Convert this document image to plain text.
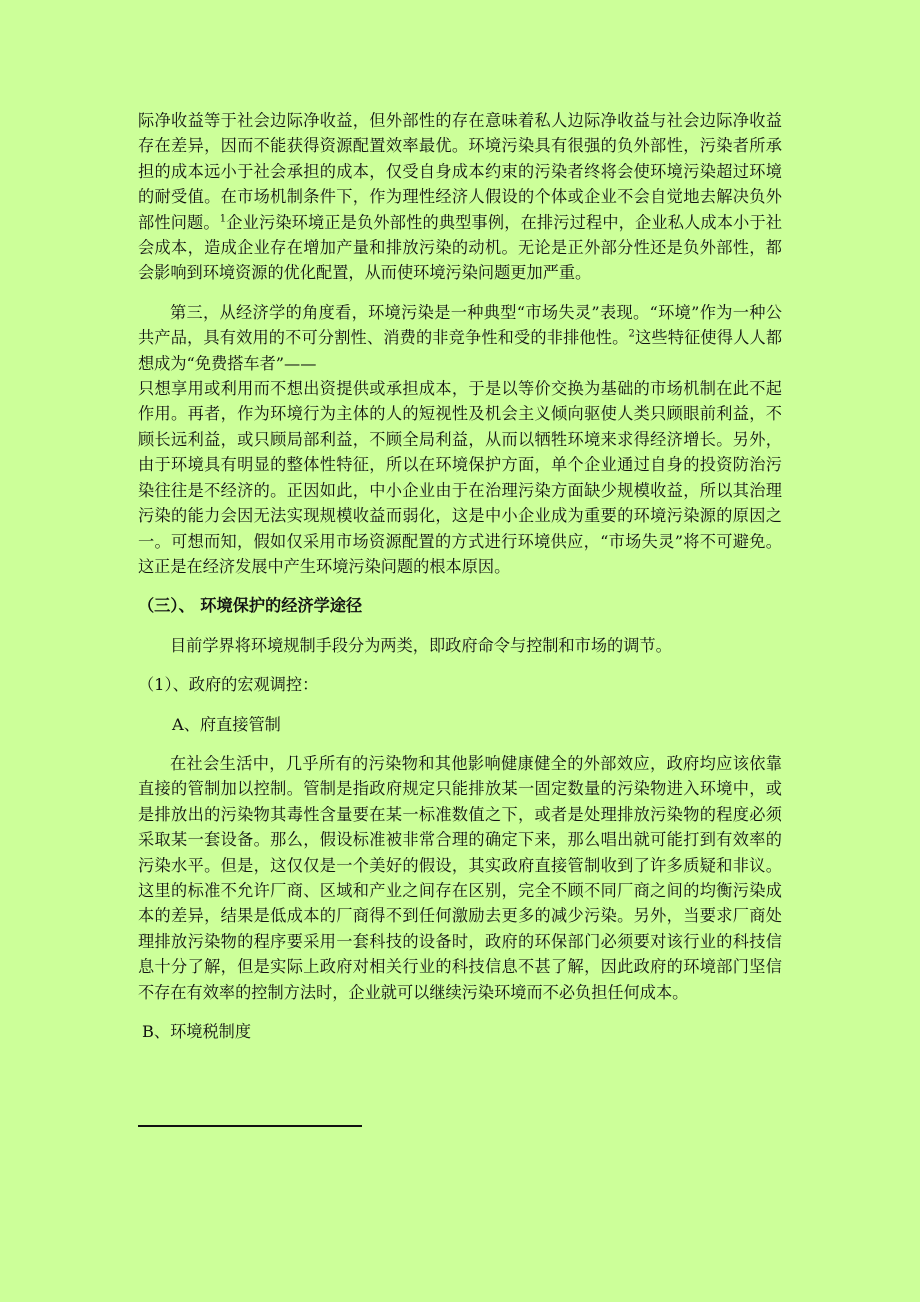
际净收益等于社会边际净收益，但外部性的存在意味着私人边际净收益与社会边际净收益存在差异，因而不能获得资源配置效率最优。环境污染具有很强的负外部性，污染者所承担的成本远小于社会承担的成本，仅受自身成本约束的污染者终将会使环境污染超过环境的耐受值。在市场机制条件下，作为理性经济人假设的个体或企业不会自觉地去解决负外部性问题。$^1$企业污染环境正是负外部性的典型事例，在排污过程中，企业私人成本小于社会成本，造成企业存在增加产量和排放污染的动机。无论是正外部分性还是负外部性，都会影响到环境资源的优化配置，从而使环境污染问题更加严重。

第三，从经济学的角度看，环境污染是一种典型“市场失灵”表现。“环境”作为一种公共产品，具有效用的不可分割性、消费的非竞争性和受的非排他性。$^2$这些特征使得人人都想成为“免费搭车者”——
只想享用或利用而不想出资提供或承担成本，于是以等价交换为基础的市场机制在此不起作用。再者，作为环境行为主体的人的短视性及机会主义倾向驱使人类只顾眼前利益，不顾长远利益，或只顾局部利益，不顾全局利益，从而以牺牲环境来求得经济增长。另外，由于环境具有明显的整体性特征，所以在环境保护方面，单个企业通过自身的投资防治污染往往是不经济的。正因如此，中小企业由于在治理污染方面缺少规模收益，所以其治理污染的能力会因无法实现规模收益而弱化，这是中小企业成为重要的环境污染源的原因之一。可想而知，假如仅采用市场资源配置的方式进行环境供应，“市场失灵”将不可避免。这正是在经济发展中产生环境污染问题的根本原因。

（三）、 环境保护的经济学途径

目前学界将环境规制手段分为两类，即政府命令与控制和市场的调节。

（1）、政府的宏观调控：

A、府直接管制

在社会生活中，几乎所有的污染物和其他影响健康健全的外部效应，政府均应该依靠直接的管制加以控制。管制是指政府规定只能排放某一固定数量的污染物进入环境中，或是排放出的污染物其毒性含量要在某一标准数值之下，或者是处理排放污染物的程度必须采取某一套设备。那么，假设标准被非常合理的确定下来，那么唱出就可能打到有效率的污染水平。但是，这仅仅是一个美好的假设，其实政府直接管制收到了许多质疑和非议。这里的标准不允许厂商、区域和产业之间存在区别，完全不顾不同厂商之间的均衡污染成本的差异，结果是低成本的厂商得不到任何激励去更多的减少污染。另外，当要求厂商处理排放污染物的程序要采用一套科技的设备时，政府的环保部门必须要对该行业的科技信息十分了解，但是实际上政府对相关行业的科技信息不甚了解，因此政府的环境部门坚信不存在有效率的控制方法时，企业就可以继续污染环境而不必负担任何成本。

B、环境税制度
